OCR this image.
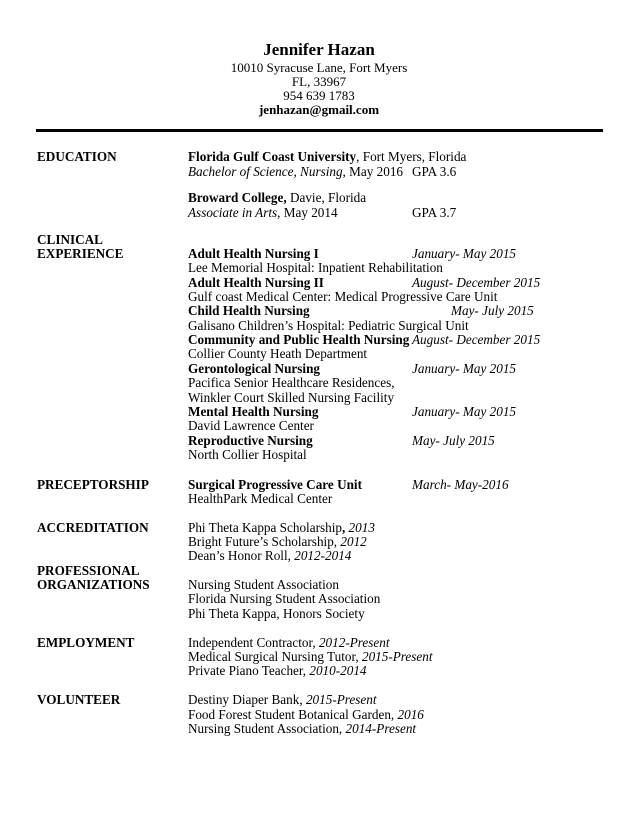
Jennifer Hazan
10010 Syracuse Lane, Fort Myers
FL, 33967
954 639 1783
jenhazan@gmail.com
EDUCATION	Florida Gulf Coast University, Fort Myers, Florida
Bachelor of Science, Nursing, May 2016 GPA 3.6
Broward College, Davie, Florida
Associate in Arts, May 2014	GPA 3.7
CLINICAL
EXPERIENCE	Adult Health Nursing I	January- May 2015
Lee Memorial Hospital: Inpatient Rehabilitation
Adult Health Nursing II	August- December 2015
Gulf coast Medical Center: Medical Progressive Care Unit
Child Health Nursing	May- July 2015
Galisano Children’s Hospital: Pediatric Surgical Unit
Community and Public Health Nursing August- December 2015
Collier County Heath Department
Gerontological Nursing	January- May 2015
Pacifica Senior Healthcare Residences,
Winkler Court Skilled Nursing Facility
Mental Health Nursing	January- May 2015
David Lawrence Center
Reproductive Nursing	May- July 2015
North Collier Hospital
PRECEPTORSHIP	Surgical Progressive Care Unit	March- May-2016
HealthPark Medical Center
ACCREDITATION	Phi Theta Kappa Scholarship, 2013
Bright Future’s Scholarship, 2012
Dean’s Honor Roll, 2012-2014
PROFESSIONAL
ORGANIZATIONS	Nursing Student Association
Florida Nursing Student Association
Phi Theta Kappa, Honors Society
EMPLOYMENT	Independent Contractor, 2012-Present
Medical Surgical Nursing Tutor, 2015-Present
Private Piano Teacher, 2010-2014
VOLUNTEER	Destiny Diaper Bank, 2015-Present
Food Forest Student Botanical Garden, 2016
Nursing Student Association, 2014-Present
